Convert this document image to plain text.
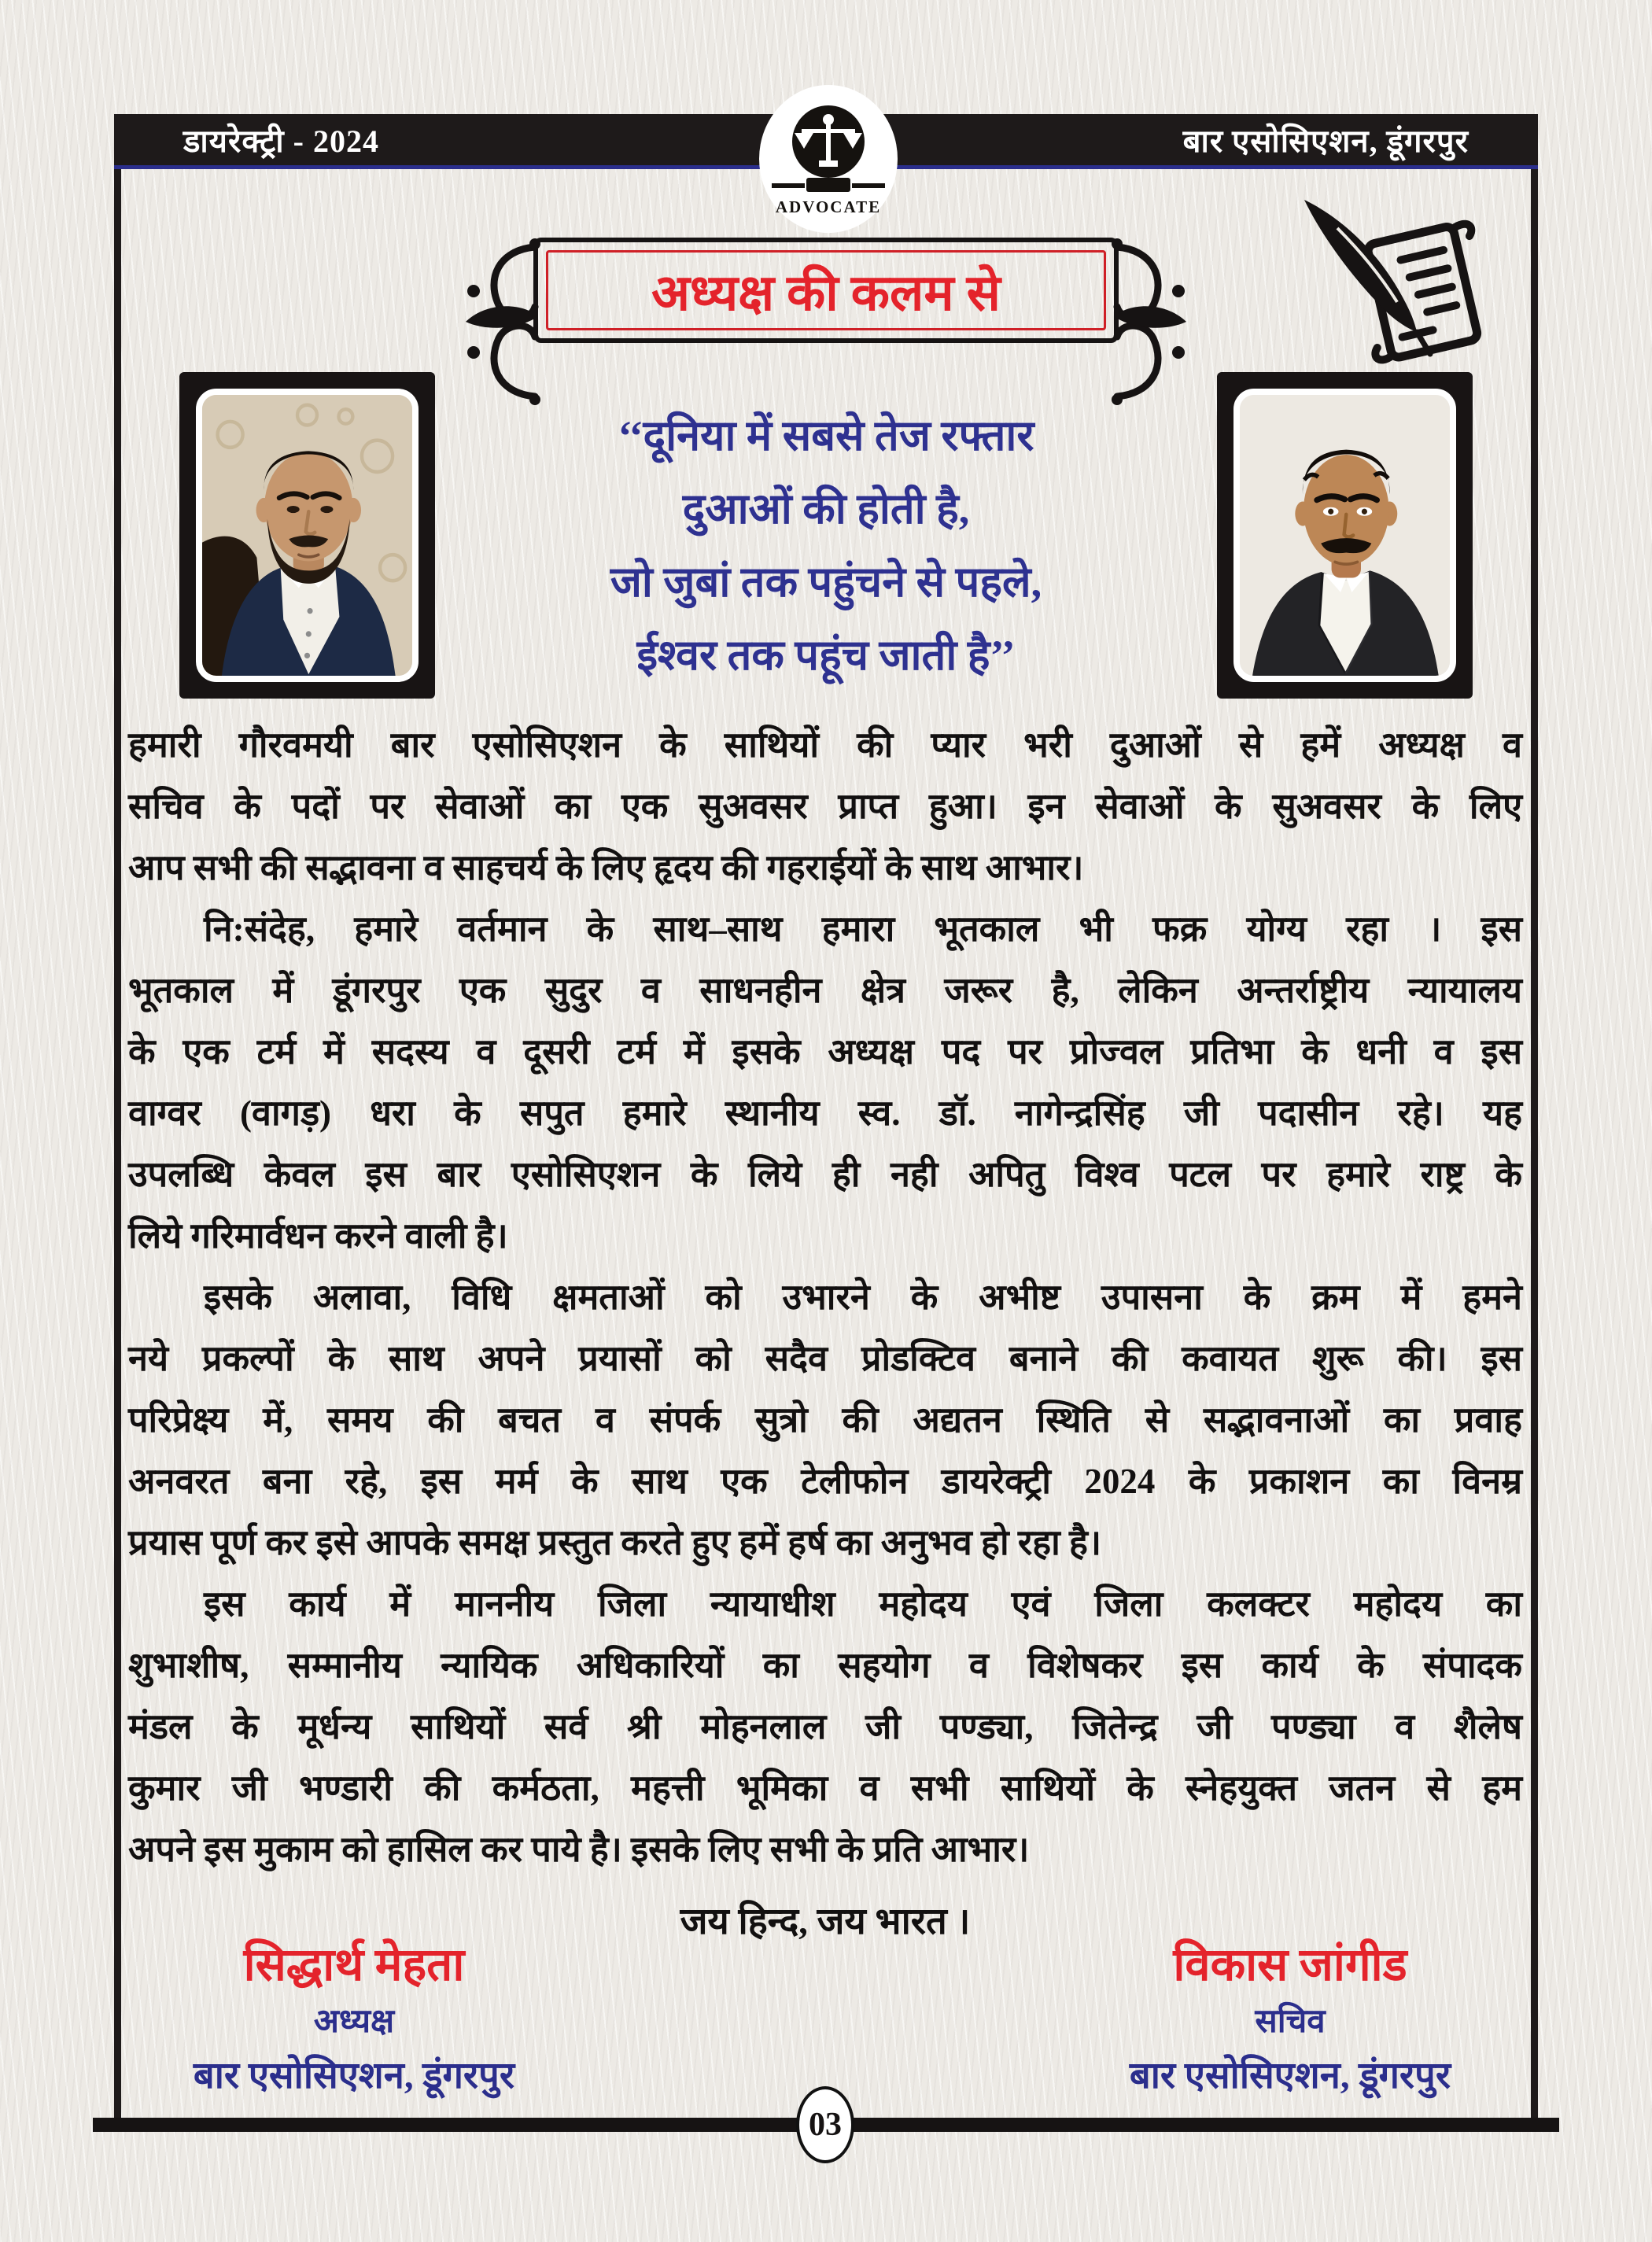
डायरेक्ट्री - 2024	बार एसोसिएशन, डूंगरपुर
ADVOCATE
अध्यक्ष की कलम से
‘‘दूनिया में सबसे तेज रफ्तार
दुआओं की होती है,
जो जुबां तक पहुंचने से पहले,
ईश्वर तक पहूंच जाती है’’
हमारी गौरवमयी बार एसोसिएशन के साथियों की प्यार भरी दुआओं से हमें अध्यक्ष व
सचिव के पदों पर सेवाओं का एक सुअवसर प्राप्त हुआ। इन सेवाओं के सुअवसर के लिए
आप सभी की सद्भावना व साहचर्य के लिए हृदय की गहराईयों के साथ आभार।
नि:संदेह, हमारे वर्तमान के साथ–साथ हमारा भूतकाल भी फक्र योग्य रहा । इस
भूतकाल में डूंगरपुर एक सुदुर व साधनहीन क्षेत्र जरूर है, लेकिन अन्तर्राष्ट्रीय न्यायालय
के एक टर्म में सदस्य व दूसरी टर्म में इसके अध्यक्ष पद पर प्रोज्वल प्रतिभा के धनी व इस
वाग्वर (वागड़) धरा के सपुत हमारे स्थानीय स्व. डॉ. नागेन्द्रसिंह जी पदासीन रहे। यह
उपलब्धि केवल इस बार एसोसिएशन के लिये ही नही अपितु विश्व पटल पर हमारे राष्ट्र के
लिये गरिमार्वधन करने वाली है।
इसके अलावा, विधि क्षमताओं को उभारने के अभीष्ट उपासना के क्रम में हमने
नये प्रकल्पों के साथ अपने प्रयासों को सदैव प्रोडक्टिव बनाने की कवायत शुरू की। इस
परिप्रेक्ष्य में, समय की बचत व संपर्क सुत्रो की अद्यतन स्थिति से सद्भावनाओं का प्रवाह
अनवरत बना रहे, इस मर्म के साथ एक टेलीफोन डायरेक्ट्री 2024 के प्रकाशन का विनम्र
प्रयास पूर्ण कर इसे आपके समक्ष प्रस्तुत करते हुए हमें हर्ष का अनुभव हो रहा है।
इस कार्य में माननीय जिला न्यायाधीश महोदय एवं जिला कलक्टर महोदय का
शुभाशीष, सम्मानीय न्यायिक अधिकारियों का सहयोग व विशेषकर इस कार्य के संपादक
मंडल के मूर्धन्य साथियों सर्व श्री मोहनलाल जी पण्ड्या, जितेन्द्र जी पण्ड्या व शैलेष
कुमार जी भण्डारी की कर्मठता, महत्ती भूमिका व सभी साथियों के स्नेहयुक्त जतन से हम
अपने इस मुकाम को हासिल कर पाये है। इसके लिए सभी के प्रति आभार।
जय हिन्द, जय भारत ।
सिद्धार्थ मेहता
अध्यक्ष
बार एसोसिएशन, डूंगरपुर
विकास जांगीड
सचिव
बार एसोसिएशन, डूंगरपुर
03
